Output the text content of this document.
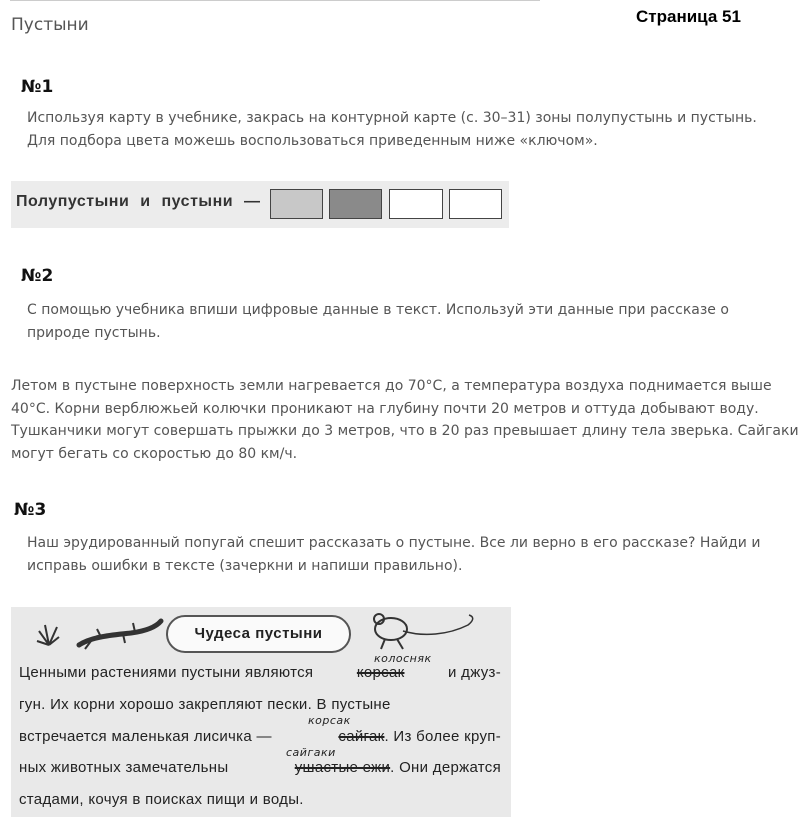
Пустыни	Страница 51
№1
Используя карту в учебнике, закрась на контурной карте (с. 30–31) зоны полупустынь и пустынь. Для подбора цвета можешь воспользоваться приведенным ниже «ключом».
Полупустыни и пустыни —
№2
С помощью учебника впиши цифровые данные в текст. Используй эти данные при рассказе о природе пустынь.
Летом в пустыне поверхность земли нагревается до 70°С, а температура воздуха поднимается выше 40°С. Корни верблюжьей колючки проникают на глубину почти 20 метров и оттуда добывают воду. Тушканчики могут совершать прыжки до 3 метров, что в 20 раз превышает длину тела зверька. Сайгаки могут бегать со скоростью до 80 км/ч.
№3
Наш эрудированный попугай спешит рассказать о пустыне. Все ли верно в его рассказе? Найди и исправь ошибки в тексте (зачеркни и напиши правильно).
Чудеса пустыни
колосняк
Ценными растениями пустыни являются	корсак	и джуз-
гун. Их корни хорошо закрепляют пески. В пустыне
корсак
встречается маленькая лисичка —	сайгак. Из более круп-
сайгаки
ных животных замечательны	ушастые ежи. Они держатся
стадами, кочуя в поисках пищи и воды.
